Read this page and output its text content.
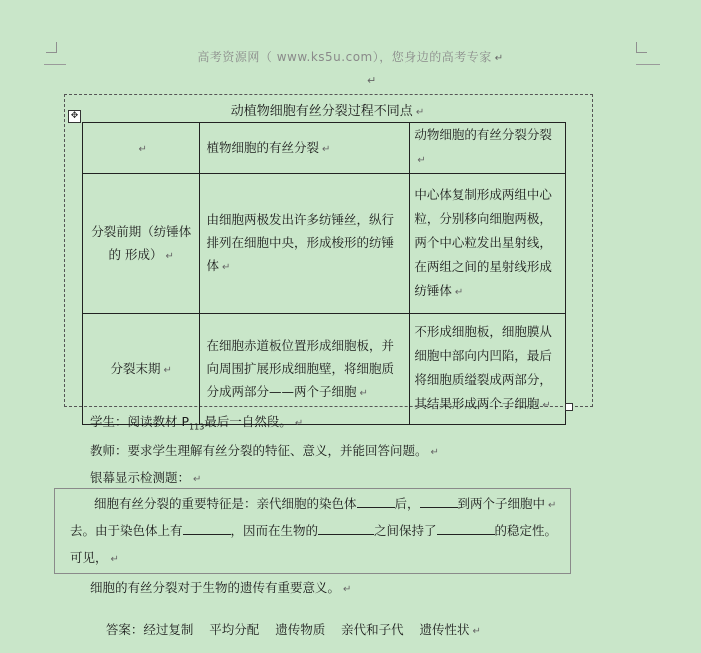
高考资源网（ www.ks5u.com），您身边的高考专家 ↵
↵
✥	动植物细胞有丝分裂过程不同点 ↵
↵	植物细胞的有丝分裂 ↵	动物细胞的有丝分裂分裂↵
分裂前期（纺锤体的 形成） ↵	由细胞两极发出许多纺锤丝，纵行排列在细胞中央，形成梭形的纺锤体 ↵	中心体复制形成两组中心粒，分别移向细胞两极，两个中心粒发出星射线，在两组之间的星射线形成纺锤体 ↵
分裂末期 ↵	在细胞赤道板位置形成细胞板，并向周围扩展形成细胞壁，将细胞质分成两部分——两个子细胞 ↵	不形成细胞板，细胞膜从细胞中部向内凹陷，最后将细胞质缢裂成两部分，其结果形成两个子细胞 ↵
学生：阅读教材 $P_{113}$最后一自然段。 ↵
教师：要求学生理解有丝分裂的特征、意义，并能回答问题。 ↵
银幕显示检测题： ↵
细胞有丝分裂的重要特征是：亲代细胞的染色体	后，	到两个子细胞中 ↵
去。由于染色体上有	，因而在生物的	之间保持了	的稳定性。
可见， ↵
细胞的有丝分裂对于生物的遗传有重要意义。 ↵

答案：经过复制    平均分配    遗传物质    亲代和子代    遗传性状 ↵
